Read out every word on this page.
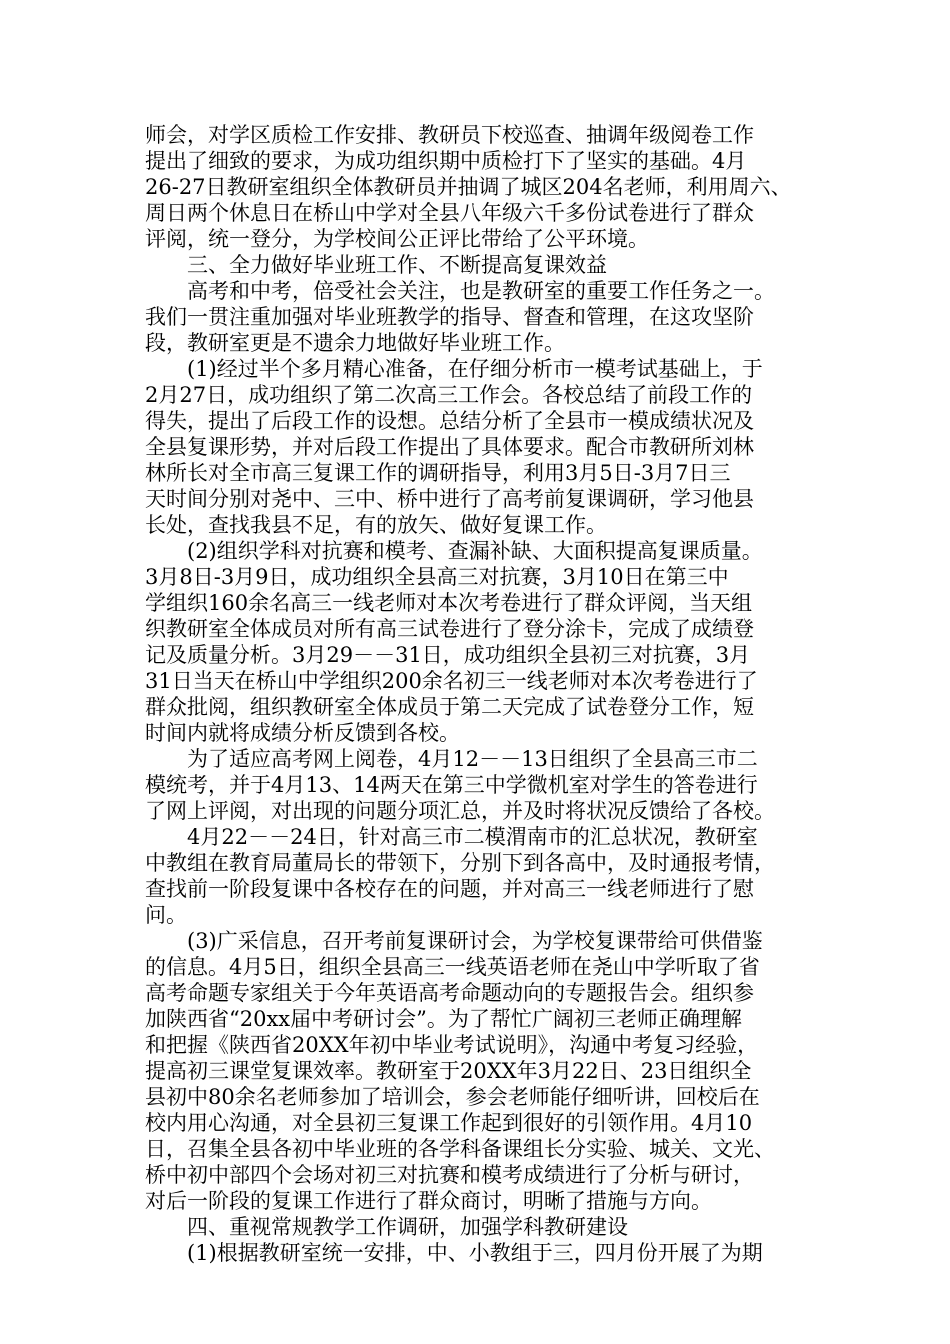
师会，对学区质检工作安排、教研员下校巡查、抽调年级阅卷工作
提出了细致的要求，为成功组织期中质检打下了坚实的基础。4月
26-27日教研室组织全体教研员并抽调了城区204名老师，利用周六、
周日两个休息日在桥山中学对全县八年级六千多份试卷进行了群众
评阅，统一登分，为学校间公正评比带给了公平环境。
　　三、全力做好毕业班工作、不断提高复课效益
　　高考和中考，倍受社会关注，也是教研室的重要工作任务之一。
我们一贯注重加强对毕业班教学的指导、督查和管理，在这攻坚阶
段，教研室更是不遗余力地做好毕业班工作。
　　(1)经过半个多月精心准备，在仔细分析市一模考试基础上，于
2月27日，成功组织了第二次高三工作会。各校总结了前段工作的
得失，提出了后段工作的设想。总结分析了全县市一模成绩状况及
全县复课形势，并对后段工作提出了具体要求。配合市教研所刘林
林所长对全市高三复课工作的调研指导，利用3月5日-3月7日三
天时间分别对尧中、三中、桥中进行了高考前复课调研，学习他县
长处，查找我县不足，有的放矢、做好复课工作。
　　(2)组织学科对抗赛和模考、查漏补缺、大面积提高复课质量。
3月8日-3月9日，成功组织全县高三对抗赛，3月10日在第三中
学组织160余名高三一线老师对本次考卷进行了群众评阅，当天组
织教研室全体成员对所有高三试卷进行了登分涂卡，完成了成绩登
记及质量分析。3月29－－31日，成功组织全县初三对抗赛，3月
31日当天在桥山中学组织200余名初三一线老师对本次考卷进行了
群众批阅，组织教研室全体成员于第二天完成了试卷登分工作，短
时间内就将成绩分析反馈到各校。
　　为了适应高考网上阅卷，4月12－－13日组织了全县高三市二
模统考，并于4月13、14两天在第三中学微机室对学生的答卷进行
了网上评阅，对出现的问题分项汇总，并及时将状况反馈给了各校。
　　4月22－－24日，针对高三市二模渭南市的汇总状况，教研室
中教组在教育局董局长的带领下，分别下到各高中，及时通报考情，
查找前一阶段复课中各校存在的问题，并对高三一线老师进行了慰
问。
　　(3)广采信息，召开考前复课研讨会，为学校复课带给可供借鉴
的信息。4月5日，组织全县高三一线英语老师在尧山中学听取了省
高考命题专家组关于今年英语高考命题动向的专题报告会。组织参
加陕西省“20xx届中考研讨会”。为了帮忙广阔初三老师正确理解
和把握《陕西省20XX年初中毕业考试说明》，沟通中考复习经验，
提高初三课堂复课效率。教研室于20XX年3月22日、23日组织全
县初中80余名老师参加了培训会，参会老师能仔细听讲，回校后在
校内用心沟通，对全县初三复课工作起到很好的引领作用。4月10
日，召集全县各初中毕业班的各学科备课组长分实验、城关、文光、
桥中初中部四个会场对初三对抗赛和模考成绩进行了分析与研讨，
对后一阶段的复课工作进行了群众商讨，明晰了措施与方向。
　　四、重视常规教学工作调研，加强学科教研建设
　　(1)根据教研室统一安排，中、小教组于三，四月份开展了为期
